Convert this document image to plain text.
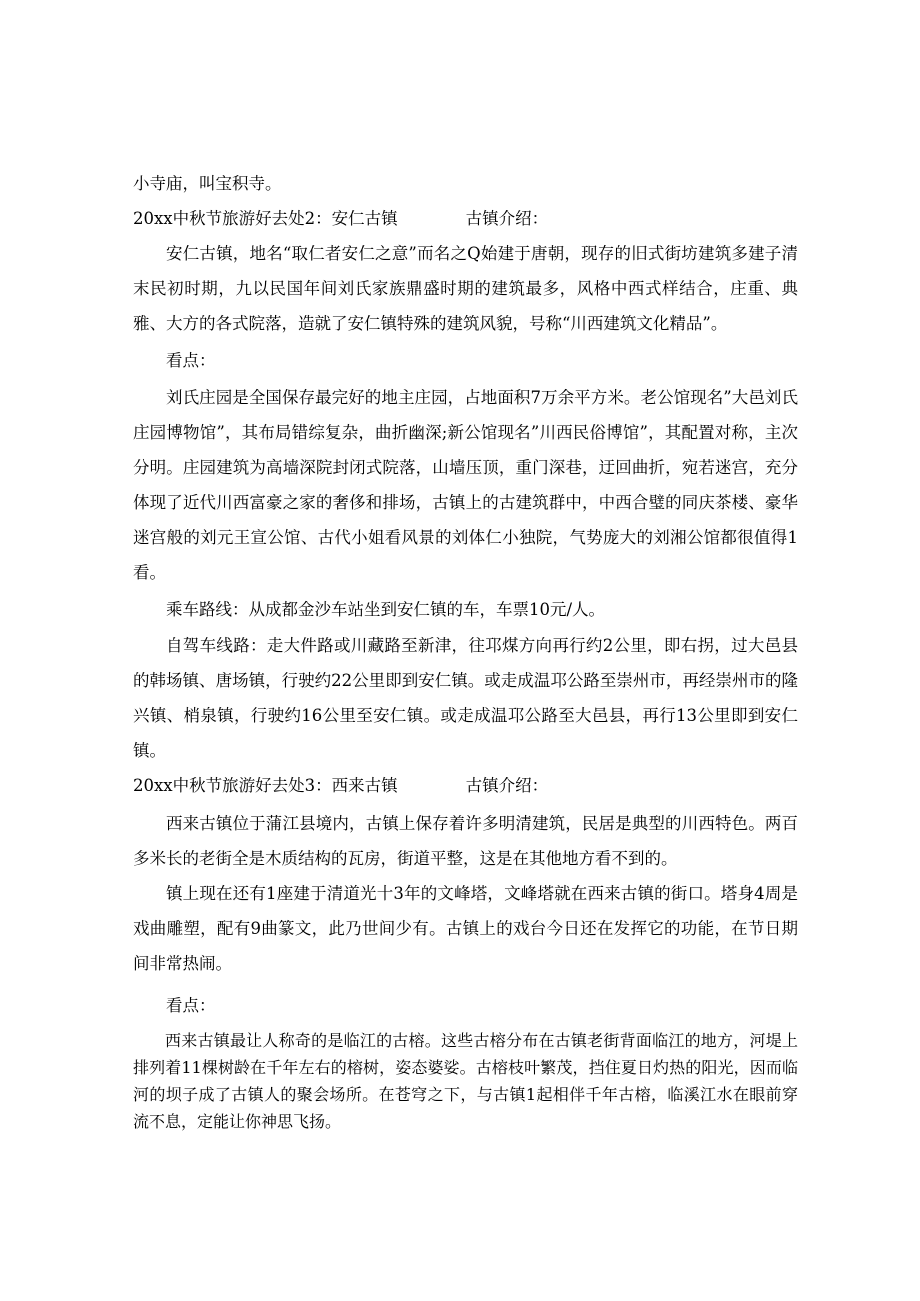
小寺庙，叫宝积寺。

20xx中秋节旅游好去处2：安仁古镇	古镇介绍：

安仁古镇，地名“取仁者安仁之意”而名之Q始建于唐朝，现存的旧式街坊建筑多建子清末民初时期，九以民国年间刘氏家族鼎盛时期的建筑最多，风格中西式样结合，庄重、典雅、大方的各式院落，造就了安仁镇特殊的建筑风貌，号称“川西建筑文化精品”。

看点：

刘氏庄园是全国保存最完好的地主庄园，占地面积7万余平方米。老公馆现名”大邑刘氏庄园博物馆”，其布局错综复杂，曲折幽深;新公馆现名”川西民俗博馆”，其配置对称，主次分明。庄园建筑为高墙深院封闭式院落，山墙压顶，重门深巷，迂回曲折，宛若迷宫，充分体现了近代川西富豪之家的奢侈和排场，古镇上的古建筑群中，中西合璧的同庆茶楼、豪华迷宫般的刘元王宣公馆、古代小姐看风景的刘体仁小独院，气势庞大的刘湘公馆都很值得1看。

乘车路线：从成都金沙车站坐到安仁镇的车，车票10元/人。

自驾车线路：走大件路或川藏路至新津，往邛煤方向再行约2公里，即右拐，过大邑县的韩场镇、唐场镇，行驶约22公里即到安仁镇。或走成温邛公路至崇州市，再经崇州市的隆兴镇、梢泉镇，行驶约16公里至安仁镇。或走成温邛公路至大邑县，再行13公里即到安仁镇。

20xx中秋节旅游好去处3：西来古镇	古镇介绍：

西来古镇位于蒲江县境内，古镇上保存着许多明清建筑，民居是典型的川西特色。两百多米长的老街全是木质结构的瓦房，街道平整，这是在其他地方看不到的。

镇上现在还有1座建于清道光十3年的文峰塔，文峰塔就在西来古镇的街口。塔身4周是戏曲雕塑，配有9曲篆文，此乃世间少有。古镇上的戏台今日还在发挥它的功能，在节日期间非常热闹。

看点：

西来古镇最让人称奇的是临江的古榕。这些古榕分布在古镇老街背面临江的地方，河堤上排列着11棵树龄在千年左右的榕树，姿态婆娑。古榕枝叶繁茂，挡住夏日灼热的阳光，因而临河的坝子成了古镇人的聚会场所。在苍穹之下，与古镇1起相伴千年古榕，临溪江水在眼前穿流不息，定能让你神思飞扬。
